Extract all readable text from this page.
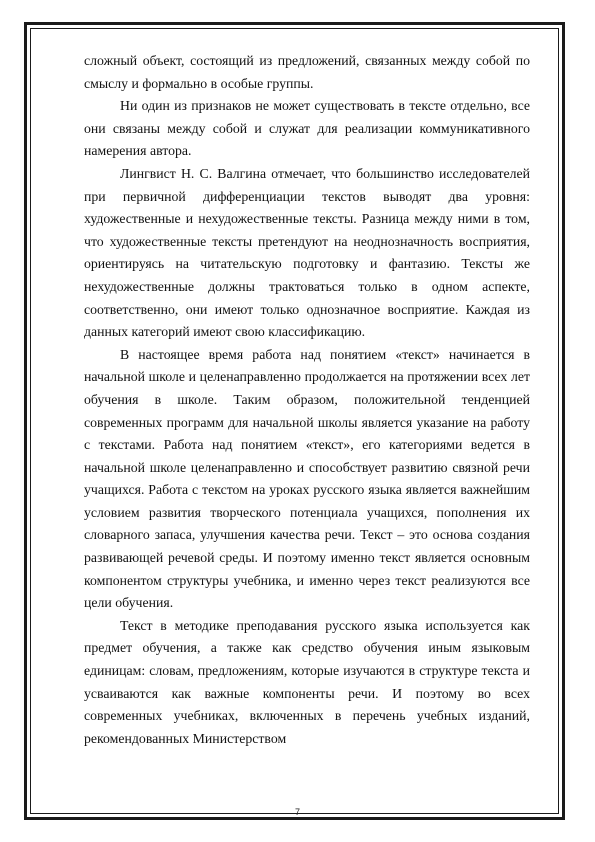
сложный объект, состоящий из предложений, связанных между собой по смыслу и формально в особые группы.

Ни один из признаков не может существовать в тексте отдельно, все они связаны между собой и служат для реализации коммуникативного намерения автора.

Лингвист Н. С. Валгина отмечает, что большинство исследователей при первичной дифференциации текстов выводят два уровня: художественные и нехудожественные тексты. Разница между ними в том, что художественные тексты претендуют на неоднозначность восприятия, ориентируясь на читательскую подготовку и фантазию. Тексты же нехудожественные должны трактоваться только в одном аспекте, соответственно, они имеют только однозначное восприятие. Каждая из данных категорий имеют свою классификацию.

В настоящее время работа над понятием «текст» начинается в начальной школе и целенаправленно продолжается на протяжении всех лет обучения в школе. Таким образом, положительной тенденцией современных программ для начальной школы является указание на работу с текстами. Работа над понятием «текст», его категориями ведется в начальной школе целенаправленно и способствует развитию связной речи учащихся. Работа с текстом на уроках русского языка является важнейшим условием развития творческого потенциала учащихся, пополнения их словарного запаса, улучшения качества речи. Текст – это основа создания развивающей речевой среды. И поэтому именно текст является основным компонентом структуры учебника, и именно через текст реализуются все цели обучения.

Текст в методике преподавания русского языка используется как предмет обучения, а также как средство обучения иным языковым единицам: словам, предложениям, которые изучаются в структуре текста и усваиваются как важные компоненты речи. И поэтому во всех современных учебниках, включенных в перечень учебных изданий, рекомендованных Министерством

7
